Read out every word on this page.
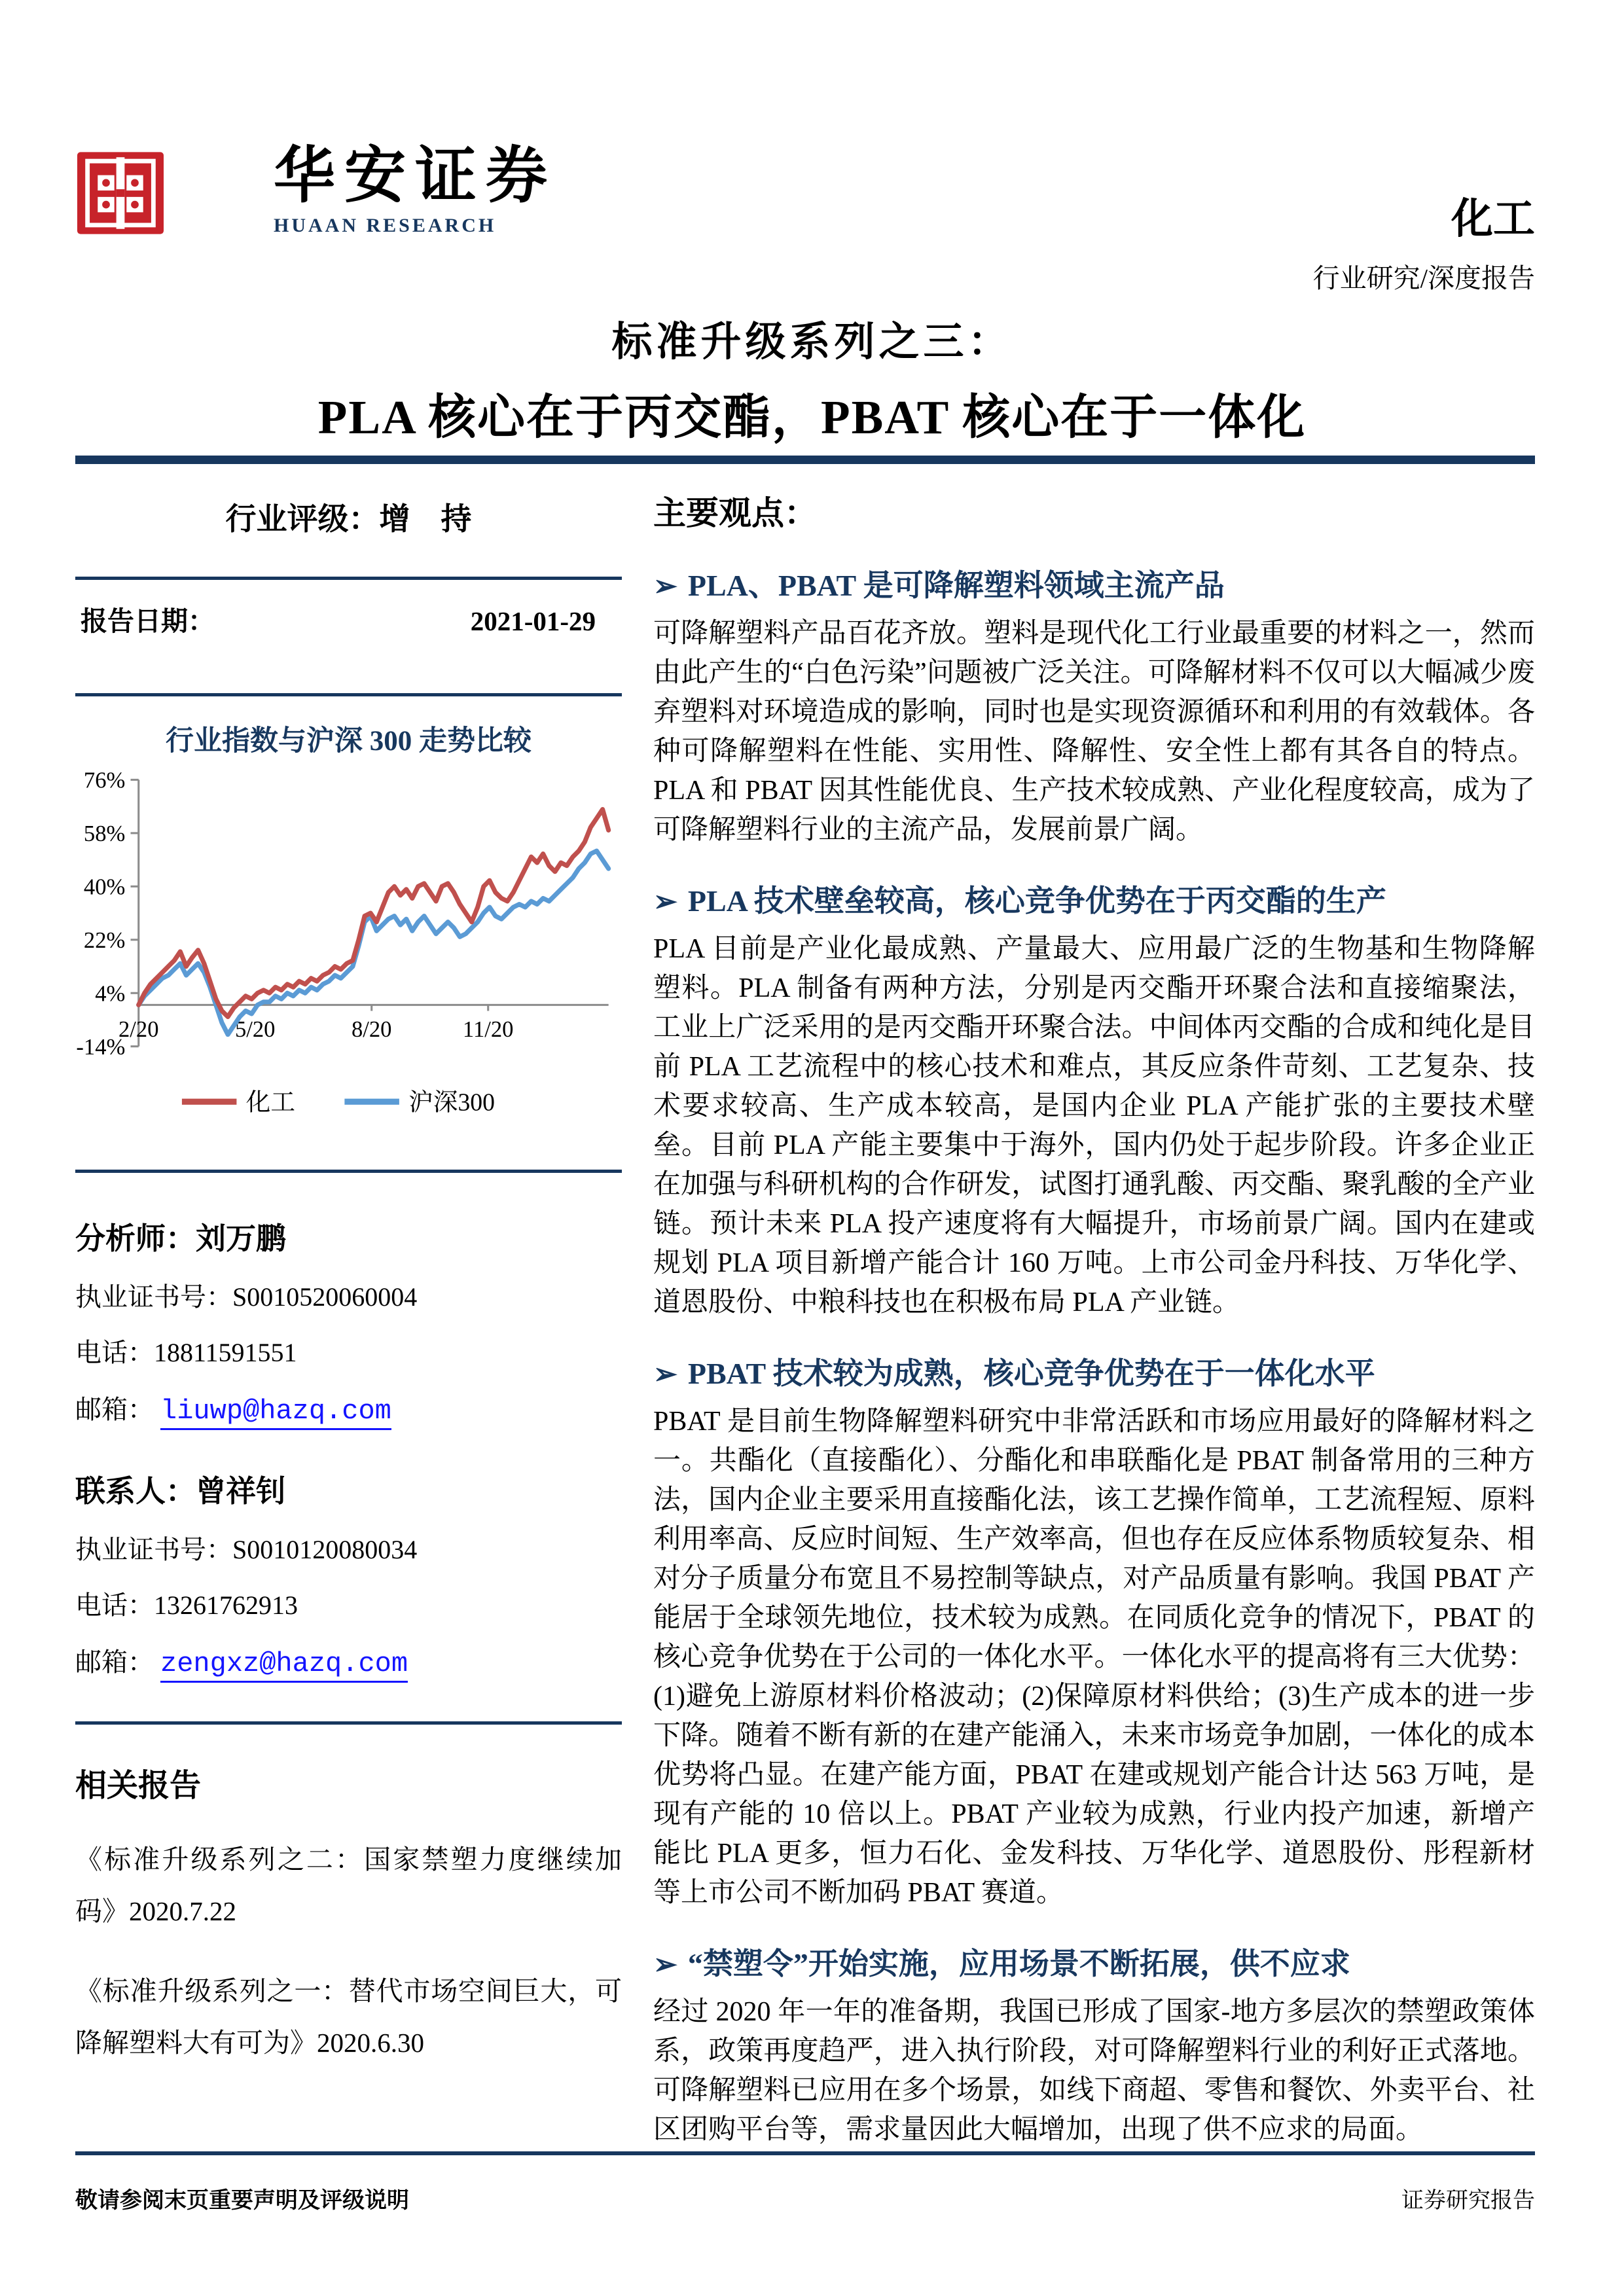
华安证券
HUAAN RESEARCH	化工
行业研究/深度报告
标准升级系列之三：
PLA 核心在于丙交酯，PBAT 核心在于一体化
行业评级：增　持
报告日期：	2021-01-29
行业指数与沪深 300 走势比较
76%
58%
40%
22%
4%
-14%
2/20	5/20	8/20	11/20
化工	沪深300
分析师：刘万鹏
执业证书号：S0010520060004
电话：18811591551
邮箱： liuwp@hazq.com
联系人：曾祥钊
执业证书号：S0010120080034
电话：13261762913
邮箱： zengxz@hazq.com
相关报告
《标准升级系列之二：国家禁塑力度继续加码》2020.7.22
《标准升级系列之一：替代市场空间巨大，可降解塑料大有可为》2020.6.30
主要观点：
➢ PLA、PBAT 是可降解塑料领域主流产品
可降解塑料产品百花齐放。塑料是现代化工行业最重要的材料之一，然而由此产生的“白色污染”问题被广泛关注。可降解材料不仅可以大幅减少废弃塑料对环境造成的影响，同时也是实现资源循环和利用的有效载体。各种可降解塑料在性能、实用性、降解性、安全性上都有其各自的特点。PLA 和 PBAT 因其性能优良、生产技术较成熟、产业化程度较高，成为了可降解塑料行业的主流产品，发展前景广阔。
➢ PLA 技术壁垒较高，核心竞争优势在于丙交酯的生产
PLA 目前是产业化最成熟、产量最大、应用最广泛的生物基和生物降解塑料。PLA 制备有两种方法，分别是丙交酯开环聚合法和直接缩聚法，工业上广泛采用的是丙交酯开环聚合法。中间体丙交酯的合成和纯化是目前 PLA 工艺流程中的核心技术和难点，其反应条件苛刻、工艺复杂、技术要求较高、生产成本较高，是国内企业 PLA 产能扩张的主要技术壁垒。目前 PLA 产能主要集中于海外，国内仍处于起步阶段。许多企业正在加强与科研机构的合作研发，试图打通乳酸、丙交酯、聚乳酸的全产业链。预计未来 PLA 投产速度将有大幅提升，市场前景广阔。国内在建或规划 PLA 项目新增产能合计 160 万吨。上市公司金丹科技、万华化学、道恩股份、中粮科技也在积极布局 PLA 产业链。
➢ PBAT 技术较为成熟，核心竞争优势在于一体化水平
PBAT 是目前生物降解塑料研究中非常活跃和市场应用最好的降解材料之一。共酯化（直接酯化）、分酯化和串联酯化是 PBAT 制备常用的三种方法，国内企业主要采用直接酯化法，该工艺操作简单，工艺流程短、原料利用率高、反应时间短、生产效率高，但也存在反应体系物质较复杂、相对分子质量分布宽且不易控制等缺点，对产品质量有影响。我国 PBAT 产能居于全球领先地位，技术较为成熟。在同质化竞争的情况下，PBAT 的核心竞争优势在于公司的一体化水平。一体化水平的提高将有三大优势：(1)避免上游原材料价格波动；(2)保障原材料供给；(3)生产成本的进一步下降。随着不断有新的在建产能涌入，未来市场竞争加剧，一体化的成本优势将凸显。在建产能方面，PBAT 在建或规划产能合计达 563 万吨，是现有产能的 10 倍以上。PBAT 产业较为成熟，行业内投产加速，新增产能比 PLA 更多，恒力石化、金发科技、万华化学、道恩股份、彤程新材等上市公司不断加码 PBAT 赛道。
➢ “禁塑令”开始实施，应用场景不断拓展，供不应求
经过 2020 年一年的准备期，我国已形成了国家-地方多层次的禁塑政策体系，政策再度趋严，进入执行阶段，对可降解塑料行业的利好正式落地。可降解塑料已应用在多个场景，如线下商超、零售和餐饮、外卖平台、社区团购平台等，需求量因此大幅增加，出现了供不应求的局面。
敬请参阅末页重要声明及评级说明	证券研究报告
